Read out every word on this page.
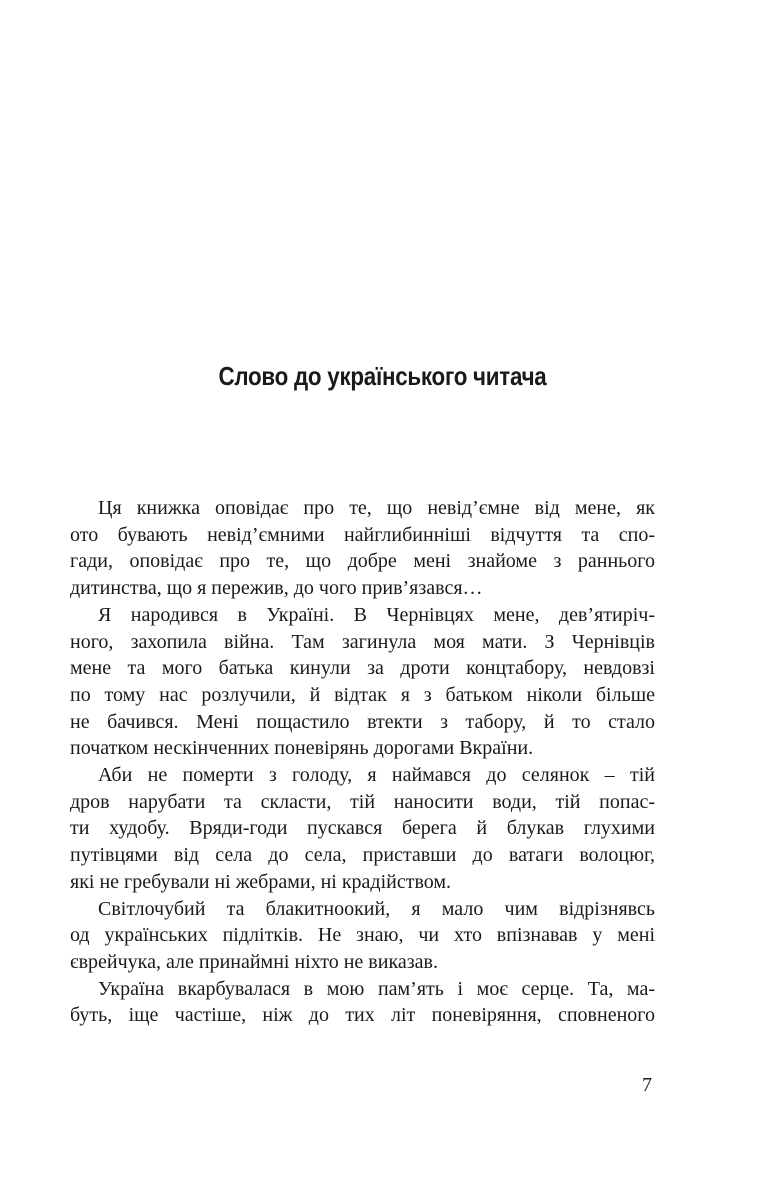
Слово до українського читача

Ця книжка оповідає про те, що невід’ємне від мене, як
ото бувають невід’ємними найглибинніші відчуття та спо-
гади, оповідає про те, що добре мені знайоме з раннього
дитинства, що я пережив, до чого прив’язався…

Я народився в Україні. В Чернівцях мене, дев’ятиріч-
ного, захопила війна. Там загинула моя мати. З Чернівців
мене та мого батька кинули за дроти концтабору, невдовзі
по тому нас розлучили, й відтак я з батьком ніколи більше
не бачився. Мені пощастило втекти з табору, й то стало
початком нескінченних поневірянь дорогами Вкраїни.

Аби не померти з голоду, я наймався до селянок – тій
дров нарубати та скласти, тій наносити води, тій попас-
ти худобу. Вряди-годи пускався берега й блукав глухими
путівцями від села до села, приставши до ватаги волоцюг,
які не гребували ні жебрами, ні крадійством.

Світлочубий та блакитноокий, я мало чим відрізнявсь
од українських підлітків. Не знаю, чи хто впізнавав у мені
єврейчука, але принаймні ніхто не виказав.

Україна вкарбувалася в мою пам’ять і моє серце. Та, ма-
буть, іще частіше, ніж до тих літ поневіряння, сповненого

7
